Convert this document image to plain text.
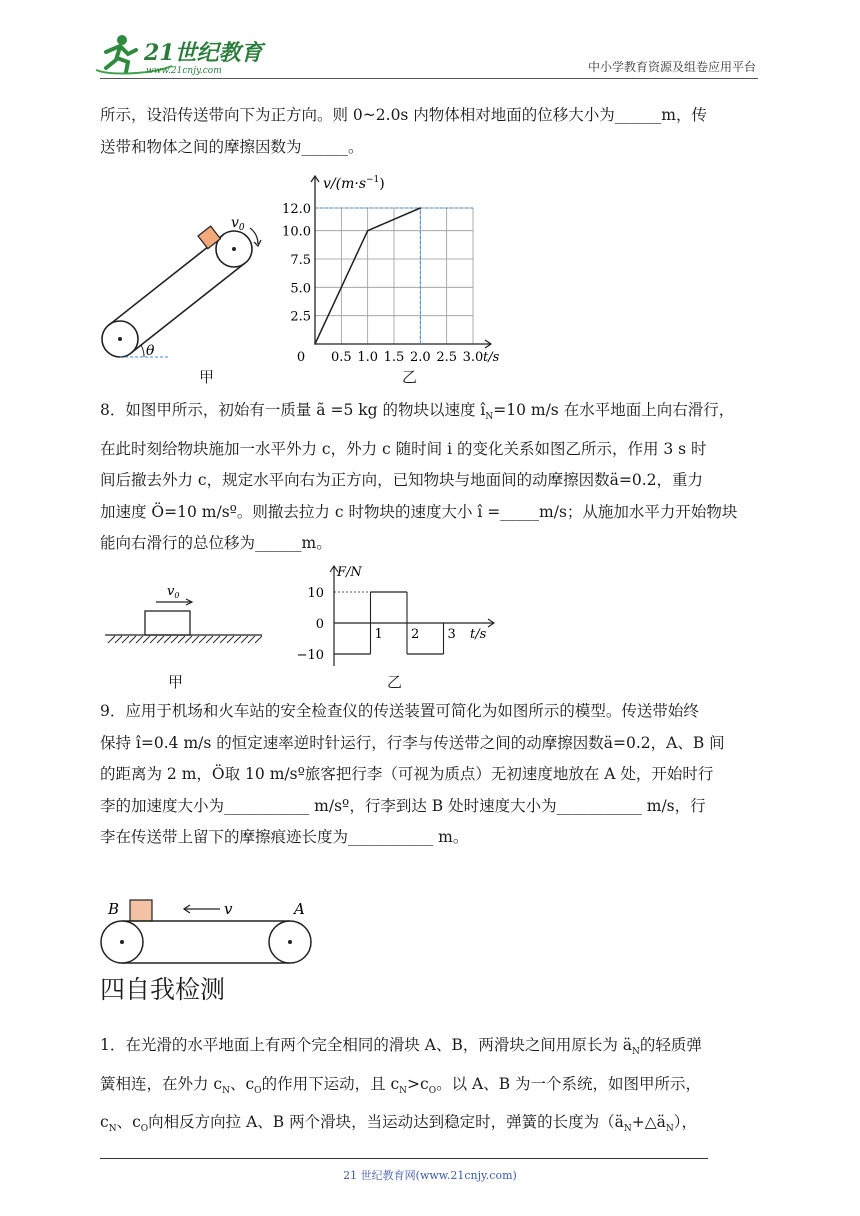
21世纪教育
www.21cnjy.com	中小学教育资源及组卷应用平台

所示，设沿传送带向下为正方向。则 0~2.0s 内物体相对地面的位移大小为______m，传

送带和物体之间的摩擦因数为______。

$v_0$
θ
甲
0.5 1.0 1.5 2.0 2.5 3.0
2.5
5.0
7.5
10.0
12.0
0	t/s
$v/(m\cdot s^{-1})$
乙

8．如图甲所示，初始有一质量 ã =5 kg 的物块以速度 $î_N=10$ m/s 在水平地面上向右滑行，

在此时刻给物块施加一水平外力 c，外力 c 随时间 i 的变化关系如图乙所示，作用 3 s 时

间后撤去外力 c，规定水平向右为正方向，已知物块与地面间的动摩擦因数ä=0.2，重力

加速度 Ö=10 m/sº。则撤去拉力 c 时物块的速度大小 î =_____m/s；从施加水平力开始物块

能向右滑行的总位移为______m。

$v_0$
甲
F/N
t/s
10
0
−10
1 2 3
乙

9．应用于机场和火车站的安全检查仪的传送装置可简化为如图所示的模型。传送带始终

保持 î=0.4 m/s 的恒定速率逆时针运行，行李与传送带之间的动摩擦因数ä=0.2，A、B 间

的距离为 2 m，Ö取 10 m/sº旅客把行李（可视为质点）无初速度地放在 A 处，开始时行

李的加速度大小为___________ m/sº，行李到达 B 处时速度大小为___________ m/s，行

李在传送带上留下的摩擦痕迹长度为___________ m。

B	v	A
四自我检测

1．在光滑的水平地面上有两个完全相同的滑块 A、B，两滑块之间用原长为 $ä_N$的轻质弹

簧相连，在外力 $c_N$、$c_O$的作用下运动，且 $c_N>c_O$。以 A、B 为一个系统，如图甲所示，

$c_N$、$c_O$向相反方向拉 A、B 两个滑块，当运动达到稳定时，弹簧的长度为$(ä_N+\triangle ä_N)$，

21 世纪教育网(www.21cnjy.com)
